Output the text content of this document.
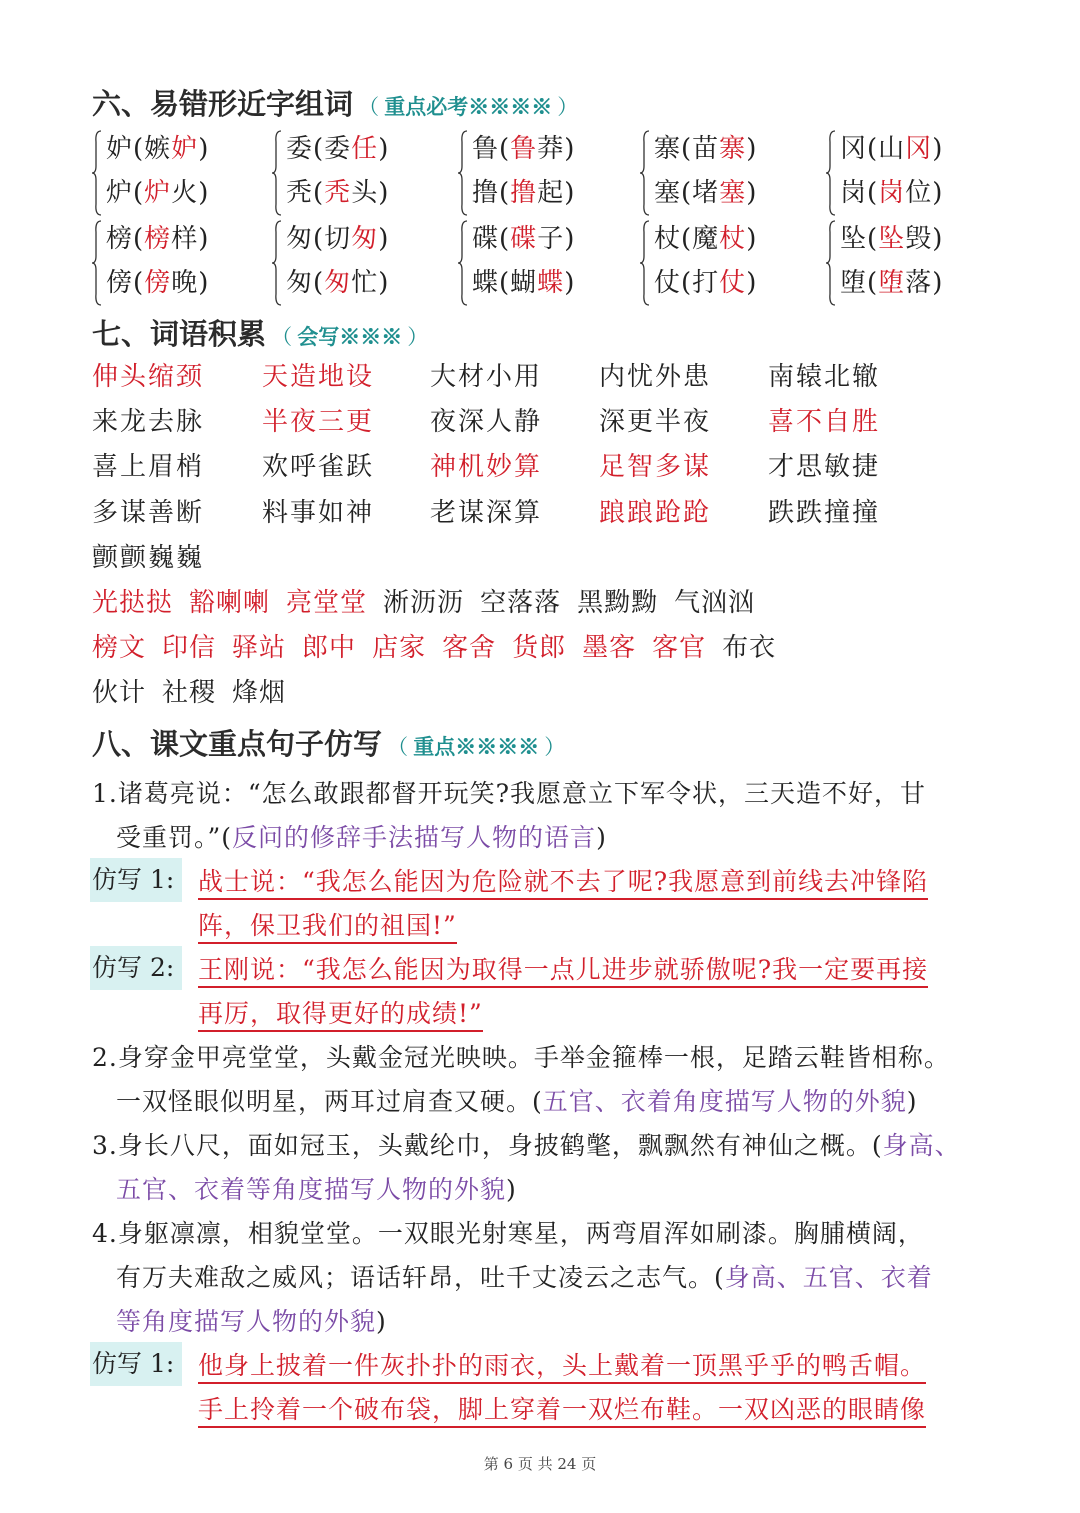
六、易错形近字组词 （ 重点必考※※※※ ）
妒(嫉妒)
炉(炉火)
委(委任)
秃(秃头)
鲁(鲁莽)
撸(撸起)
寨(苗寨)
塞(堵塞)
冈(山冈)
岗(岗位)
榜(榜样)
傍(傍晚)
匆(切匆)
匆(匆忙)
碟(碟子)
蝶(蝴蝶)
杖(魔杖)
仗(打仗)
坠(坠毁)
堕(堕落)
七、词语积累 （ 会写※※※ ）
伸头缩颈 天造地设 大材小用 内忧外患 南辕北辙
来龙去脉 半夜三更 夜深人静 深更半夜 喜不自胜
喜上眉梢 欢呼雀跃 神机妙算 足智多谋 才思敏捷
多谋善断 料事如神 老谋深算 踉踉跄跄 跌跌撞撞
颤颤巍巍
光挞挞 豁喇喇 亮堂堂 淅沥沥 空落落 黑黝黝 气汹汹
榜文 印信 驿站 郎中 店家 客舍 货郎 墨客 客官 布衣
伙计 社稷 烽烟
八、课文重点句子仿写 （ 重点※※※※ ）
1.诸葛亮说：“怎么敢跟都督开玩笑?我愿意立下军令状，三天造不好，甘
受重罚。”(反问的修辞手法描写人物的语言)
仿写 1: 战士说：“我怎么能因为危险就不去了呢?我愿意到前线去冲锋陷
阵，保卫我们的祖国!”
仿写 2: 王刚说：“我怎么能因为取得一点儿进步就骄傲呢?我一定要再接
再厉，取得更好的成绩!”
2.身穿金甲亮堂堂，头戴金冠光映映。手举金箍棒一根，足踏云鞋皆相称。
一双怪眼似明星，两耳过肩查又硬。(五官、衣着角度描写人物的外貌)
3.身长八尺，面如冠玉，头戴纶巾，身披鹤氅，飘飘然有神仙之概。(身高、
五官、衣着等角度描写人物的外貌)
4.身躯凛凛，相貌堂堂。一双眼光射寒星，两弯眉浑如刷漆。胸脯横阔，
有万夫难敌之威风；语话轩昂，吐千丈凌云之志气。(身高、五官、衣着
等角度描写人物的外貌)
仿写 1: 他身上披着一件灰扑扑的雨衣，头上戴着一顶黑乎乎的鸭舌帽。
手上拎着一个破布袋，脚上穿着一双烂布鞋。一双凶恶的眼睛像
第 6 页 共 24 页
